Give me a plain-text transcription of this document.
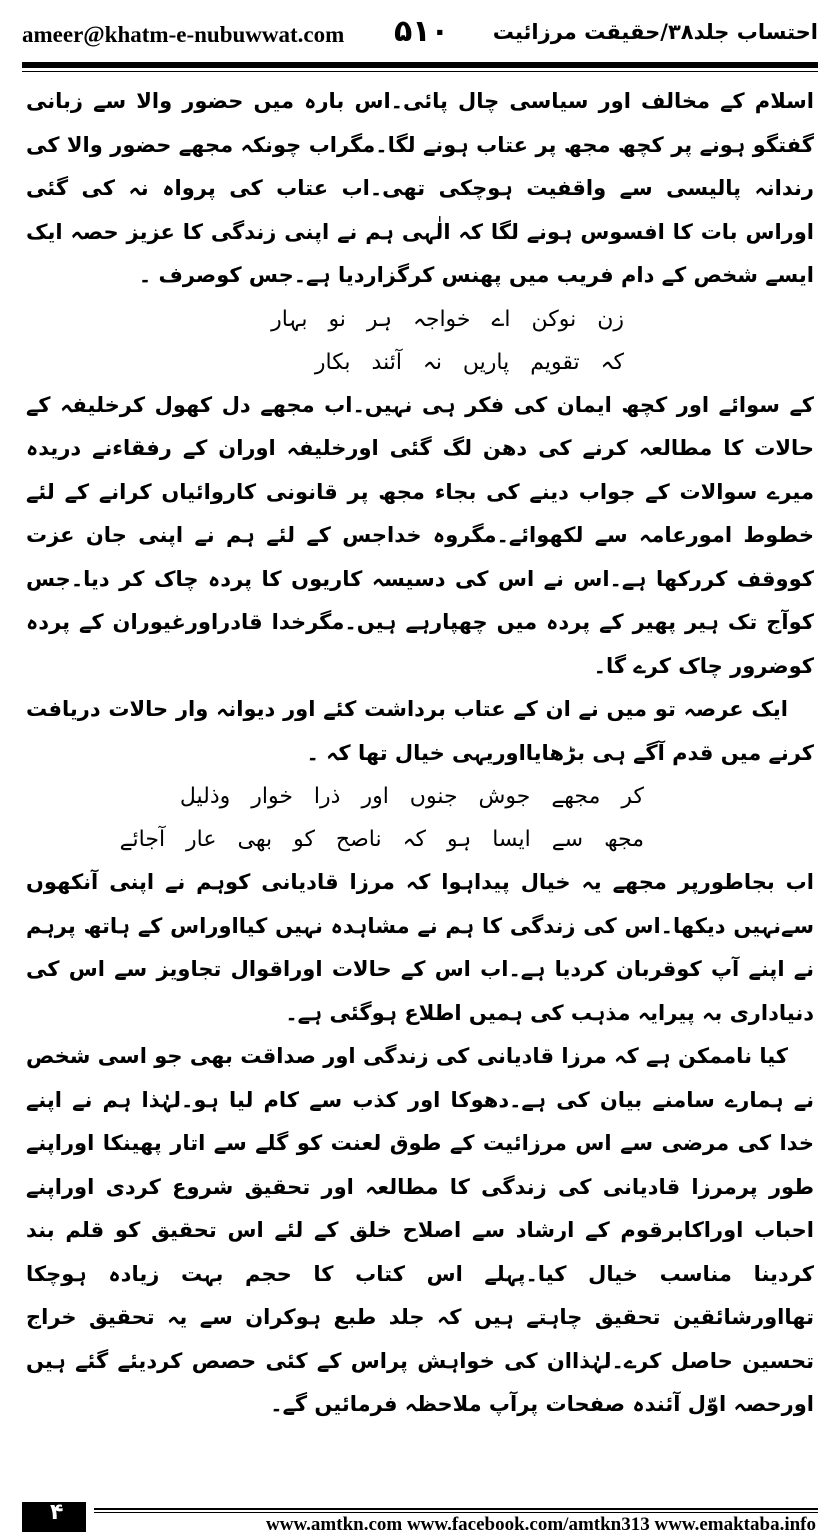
ameer@khatm-e-nubuwwat.com ۵۱۰ احتساب جلد۳۸/حقیقت مرزائیت

اسلام کے مخالف اور سیاسی چال پائی۔اس بارہ میں حضور والا سے زبانی گفتگو ہونے پر کچھ مجھ پر عتاب ہونے لگا۔مگراب چونکہ مجھے حضور والا کی رندانہ پالیسی سے واقفیت ہوچکی تھی۔اب عتاب کی پرواہ نہ کی گئی اوراس بات کا افسوس ہونے لگا کہ الٰہی ہم نے اپنی زندگی کا عزیز حصہ ایک ایسے شخص کے دام فریب میں پھنس کرگزاردیا ہے۔جس کوصرف ۔

زن نوکن اے خواجہ ہر نو بہار
کہ تقویم پاریں نہ آئند بکار

کے سوائے اور کچھ ایمان کی فکر ہی نہیں۔اب مجھے دل کھول کرخلیفہ کے حالات کا مطالعہ کرنے کی دھن لگ گئی اورخلیفہ اوران کے رفقاءنے دریدہ میرے سوالات کے جواب دینے کی بجاء مجھ پر قانونی کاروائیاں کرانے کے لئے خطوط امورعامہ سے لکھوائے۔مگروہ خداجس کے لئے ہم نے اپنی جان عزت کووقف کررکھا ہے۔اس نے اس کی دسیسہ کاریوں کا پردہ چاک کر دیا۔جس کوآج تک ہیر پھیر کے پردہ میں چھپارہے ہیں۔مگرخدا قادراورغیوران کے پردہ کوضرور چاک کرے گا۔

ایک عرصہ تو میں نے ان کے عتاب برداشت کئے اور دیوانہ وار حالات دریافت کرنے میں قدم آگے ہی بڑھایااوریہی خیال تھا کہ ۔

کر مجھے جوش جنوں اور ذرا خوار وذلیل
مجھ سے ایسا ہو کہ ناصح کو بھی عار آجائے

اب بجاطورپر مجھے یہ خیال پیداہوا کہ مرزا قادیانی کوہم نے اپنی آنکھوں سےنہیں دیکھا۔اس کی زندگی کا ہم نے مشاہدہ نہیں کیااوراس کے ہاتھ پرہم نے اپنے آپ کوقربان کردیا ہے۔اب اس کے حالات اوراقوال تجاویز سے اس کی دنیاداری بہ پیرایہ مذہب کی ہمیں اطلاع ہوگئی ہے۔

کیا ناممکن ہے کہ مرزا قادیانی کی زندگی اور صداقت بھی جو اسی شخص نے ہمارے سامنے بیان کی ہے۔دھوکا اور کذب سے کام لیا ہو۔لہٰذا ہم نے اپنے خدا کی مرضی سے اس مرزائیت کے طوق لعنت کو گلے سے اتار پھینکا اوراپنے طور پرمرزا قادیانی کی زندگی کا مطالعہ اور تحقیق شروع کردی اوراپنے احباب اوراکابرقوم کے ارشاد سے اصلاح خلق کے لئے اس تحقیق کو قلم بند کردینا مناسب خیال کیا۔پہلے اس کتاب کا حجم بہت زیادہ ہوچکا تھااورشائقین تحقیق چاہتے ہیں کہ جلد طبع ہوکران سے یہ تحقیق خراج تحسین حاصل کرے۔لہٰذاان کی خواہش پراس کے کئی حصص کردیئے گئے ہیں اورحصہ اوّل آئندہ صفحات پرآپ ملاحظہ فرمائیں گے۔

۴	www.amtkn.com www.facebook.com/amtkn313 www.emaktaba.info
